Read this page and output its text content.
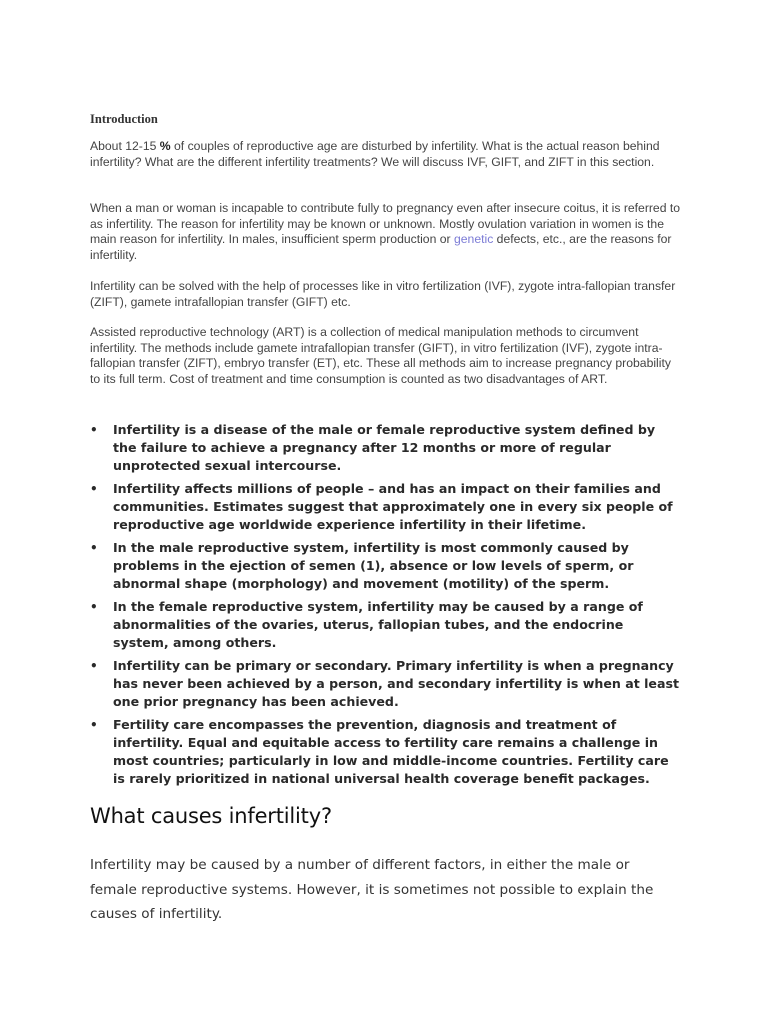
Introduction

About 12-15 % of couples of reproductive age are disturbed by infertility. What is the actual reason behind infertility? What are the different infertility treatments? We will discuss IVF, GIFT, and ZIFT in this section.

When a man or woman is incapable to contribute fully to pregnancy even after insecure coitus, it is referred to as infertility. The reason for infertility may be known or unknown. Mostly ovulation variation in women is the main reason for infertility. In males, insufficient sperm production or genetic defects, etc., are the reasons for infertility.

Infertility can be solved with the help of processes like in vitro fertilization (IVF), zygote intra-fallopian transfer (ZIFT), gamete intrafallopian transfer (GIFT) etc.

Assisted reproductive technology (ART) is a collection of medical manipulation methods to circumvent infertility. The methods include gamete intrafallopian transfer (GIFT), in vitro fertilization (IVF), zygote intra-fallopian transfer (ZIFT), embryo transfer (ET), etc. These all methods aim to increase pregnancy probability to its full term. Cost of treatment and time consumption is counted as two disadvantages of ART.

• Infertility is a disease of the male or female reproductive system defined by the failure to achieve a pregnancy after 12 months or more of regular unprotected sexual intercourse.
• Infertility affects millions of people – and has an impact on their families and communities. Estimates suggest that approximately one in every six people of reproductive age worldwide experience infertility in their lifetime.
• In the male reproductive system, infertility is most commonly caused by problems in the ejection of semen (1), absence or low levels of sperm, or abnormal shape (morphology) and movement (motility) of the sperm.
• In the female reproductive system, infertility may be caused by a range of abnormalities of the ovaries, uterus, fallopian tubes, and the endocrine system, among others.
• Infertility can be primary or secondary. Primary infertility is when a pregnancy has never been achieved by a person, and secondary infertility is when at least one prior pregnancy has been achieved.
• Fertility care encompasses the prevention, diagnosis and treatment of infertility. Equal and equitable access to fertility care remains a challenge in most countries; particularly in low and middle-income countries. Fertility care is rarely prioritized in national universal health coverage benefit packages.
What causes infertility?

Infertility may be caused by a number of different factors, in either the male or female reproductive systems. However, it is sometimes not possible to explain the causes of infertility.
